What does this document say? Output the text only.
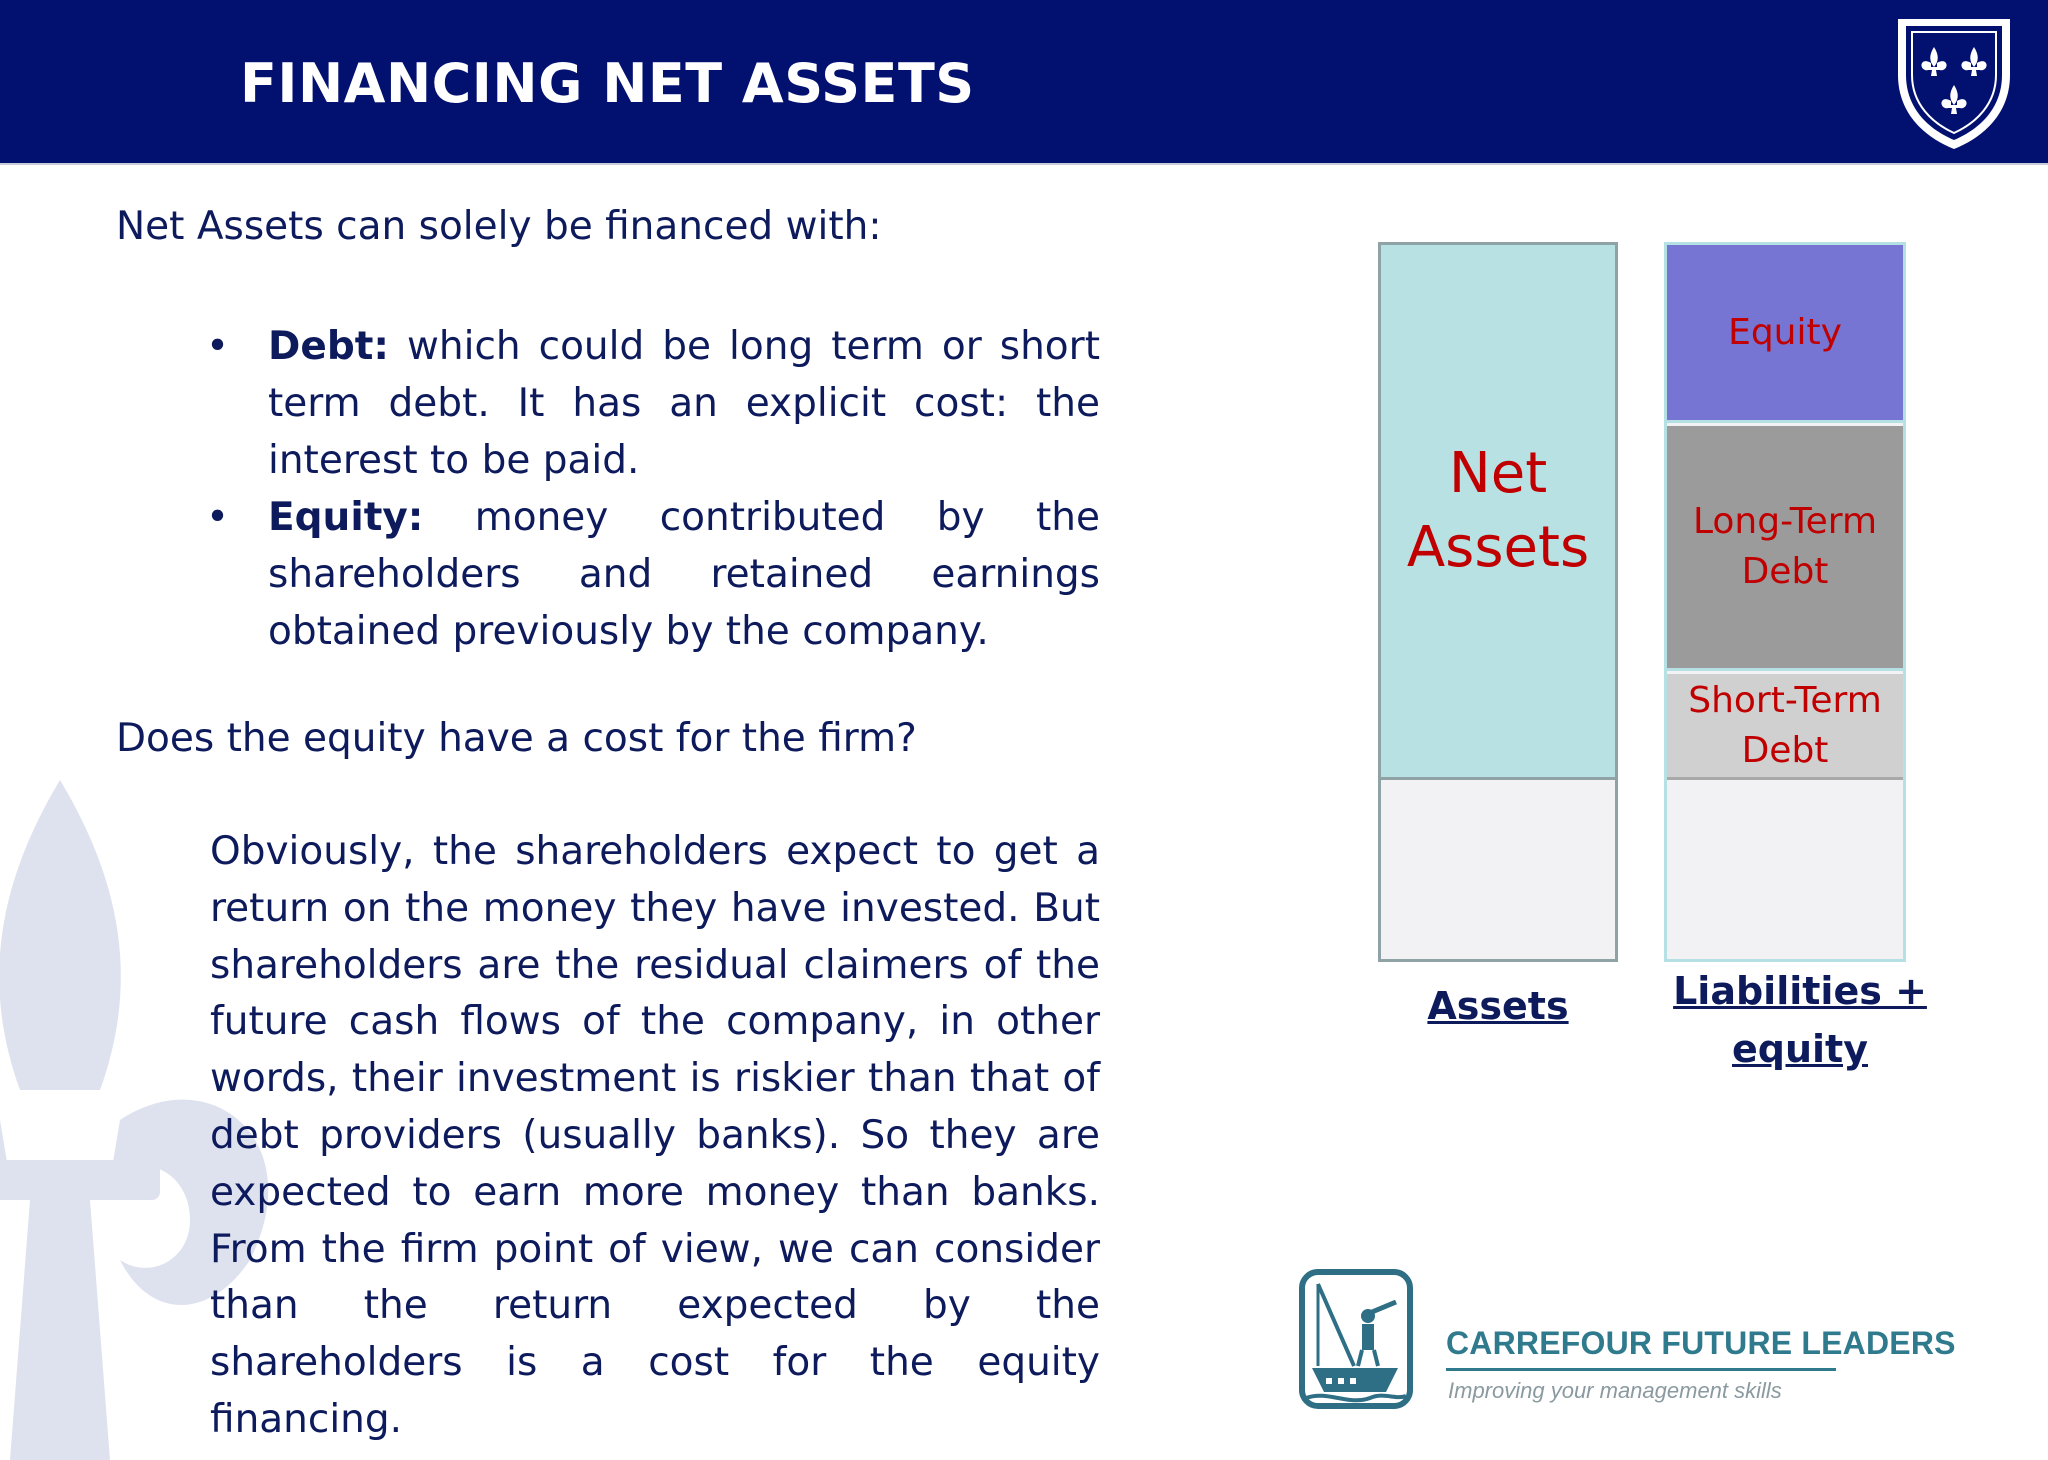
FINANCING NET ASSETS
Net Assets can solely be financed with:
• Debt: which could be long term or short term debt. It has an explicit cost: the interest to be paid.
• Equity: money contributed by the shareholders and retained earnings obtained previously by the company.
Does the equity have a cost for the firm?
Obviously, the shareholders expect to get a return on the money they have invested. But shareholders are the residual claimers of the future cash flows of the company, in other words, their investment is riskier than that of debt providers (usually banks). So they are expected to earn more money than banks. From the firm point of view, we can consider than the return expected by the shareholders is a cost for the equity financing.
Net
Assets
Equity
Long-Term
Debt
Short-Term
Debt
Assets	Liabilities +
equity
CARREFOUR FUTURE LEADERS
Improving your management skills
